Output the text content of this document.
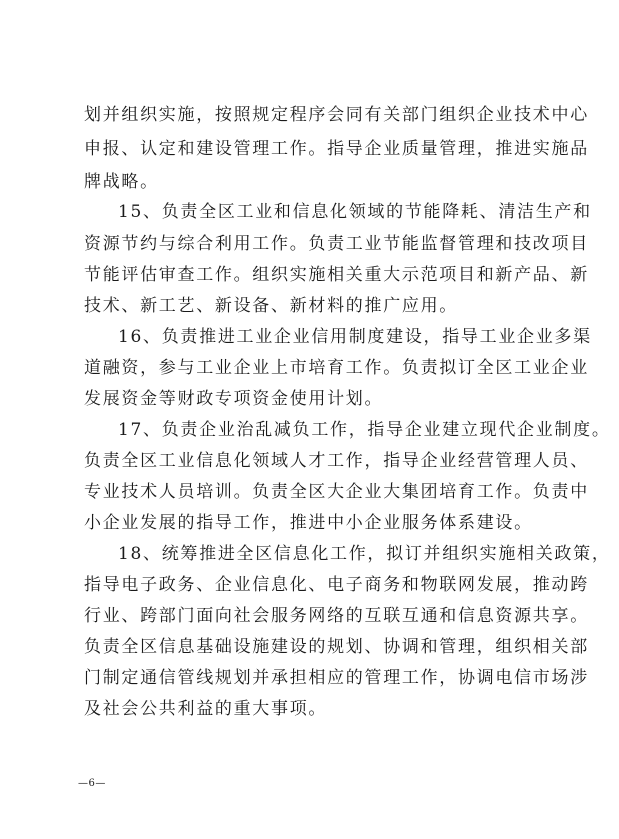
划并组织实施，按照规定程序会同有关部门组织企业技术中心
申报、认定和建设管理工作。指导企业质量管理，推进实施品
牌战略。
15、负责全区工业和信息化领域的节能降耗、清洁生产和
资源节约与综合利用工作。负责工业节能监督管理和技改项目
节能评估审查工作。组织实施相关重大示范项目和新产品、新
技术、新工艺、新设备、新材料的推广应用。
16、负责推进工业企业信用制度建设，指导工业企业多渠
道融资，参与工业企业上市培育工作。负责拟订全区工业企业
发展资金等财政专项资金使用计划。
17、负责企业治乱减负工作，指导企业建立现代企业制度。
负责全区工业信息化领域人才工作，指导企业经营管理人员、
专业技术人员培训。负责全区大企业大集团培育工作。负责中
小企业发展的指导工作，推进中小企业服务体系建设。
18、统筹推进全区信息化工作，拟订并组织实施相关政策，
指导电子政务、企业信息化、电子商务和物联网发展，推动跨
行业、跨部门面向社会服务网络的互联互通和信息资源共享。
负责全区信息基础设施建设的规划、协调和管理，组织相关部
门制定通信管线规划并承担相应的管理工作，协调电信市场涉
及社会公共利益的重大事项。
—6—
